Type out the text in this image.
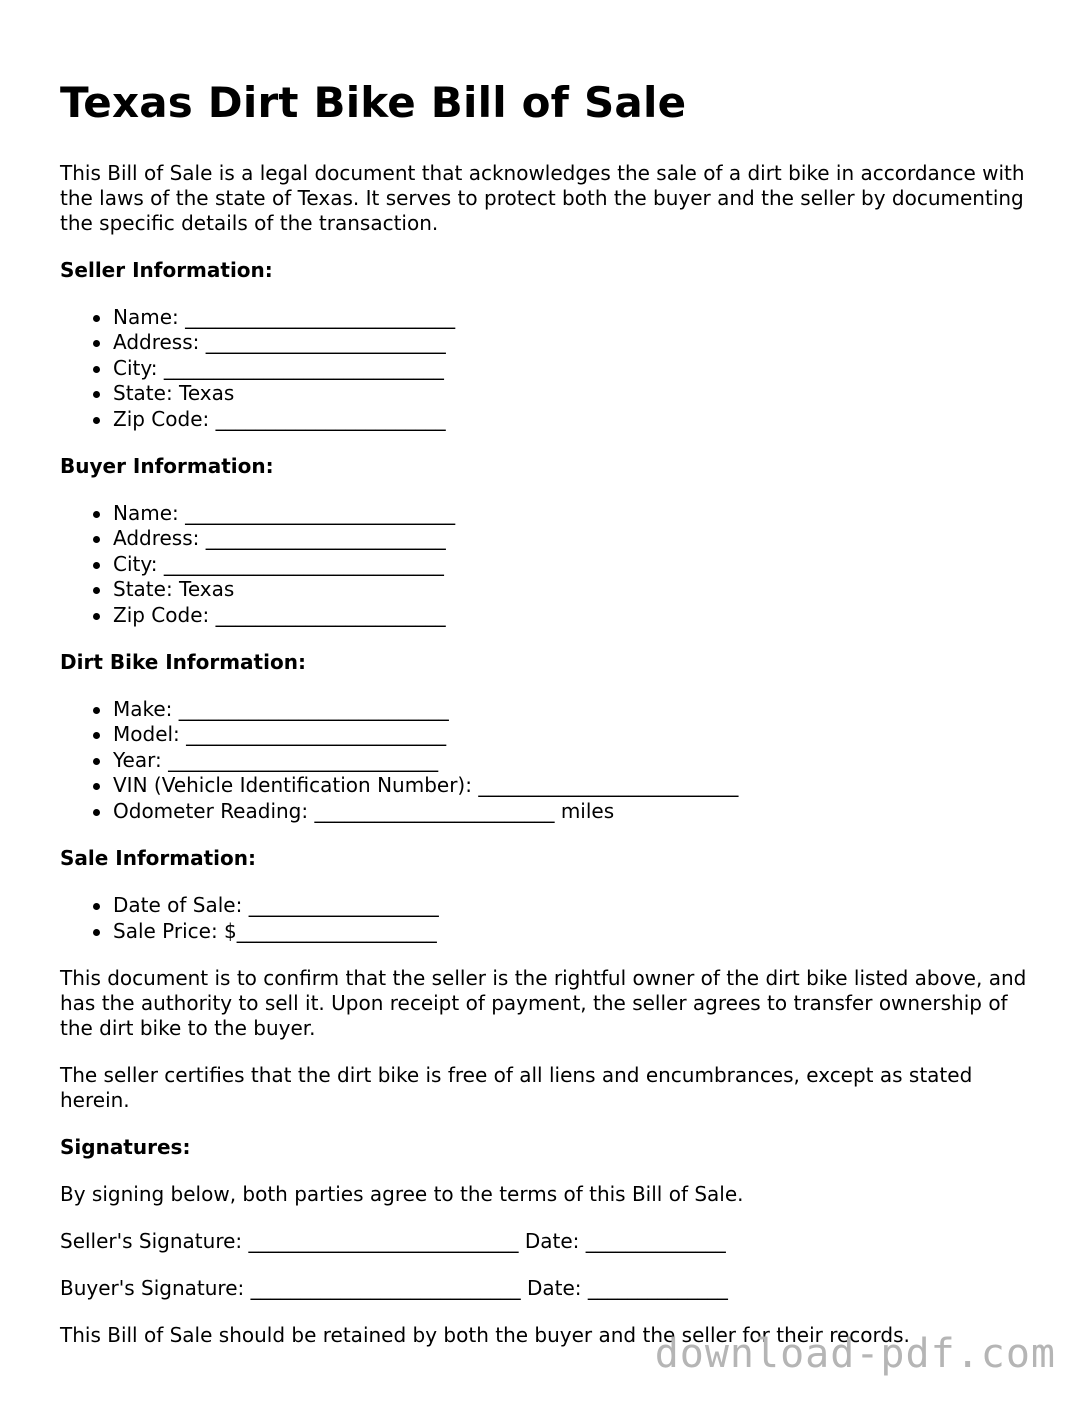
Texas Dirt Bike Bill of Sale

This Bill of Sale is a legal document that acknowledges the sale of a dirt bike in accordance with the laws of the state of Texas. It serves to protect both the buyer and the seller by documenting the specific details of the transaction.

Seller Information:
Name: ___________________________
Address: ________________________
City: ____________________________
State: Texas
Zip Code: _______________________
Buyer Information:
Name: ___________________________
Address: ________________________
City: ____________________________
State: Texas
Zip Code: _______________________
Dirt Bike Information:
Make: ___________________________
Model: __________________________
Year: ___________________________
VIN (Vehicle Identification Number): __________________________
Odometer Reading: ________________________ miles
Sale Information:
Date of Sale: ___________________
Sale Price: $____________________

This document is to confirm that the seller is the rightful owner of the dirt bike listed above, and has the authority to sell it. Upon receipt of payment, the seller agrees to transfer ownership of the dirt bike to the buyer.

The seller certifies that the dirt bike is free of all liens and encumbrances, except as stated herein.

Signatures:

By signing below, both parties agree to the terms of this Bill of Sale.

Seller's Signature: ___________________________ Date: ______________

Buyer's Signature: ___________________________ Date: ______________

This Bill of Sale should be retained by both the buyer and the seller for their records.

download-pdf.com
